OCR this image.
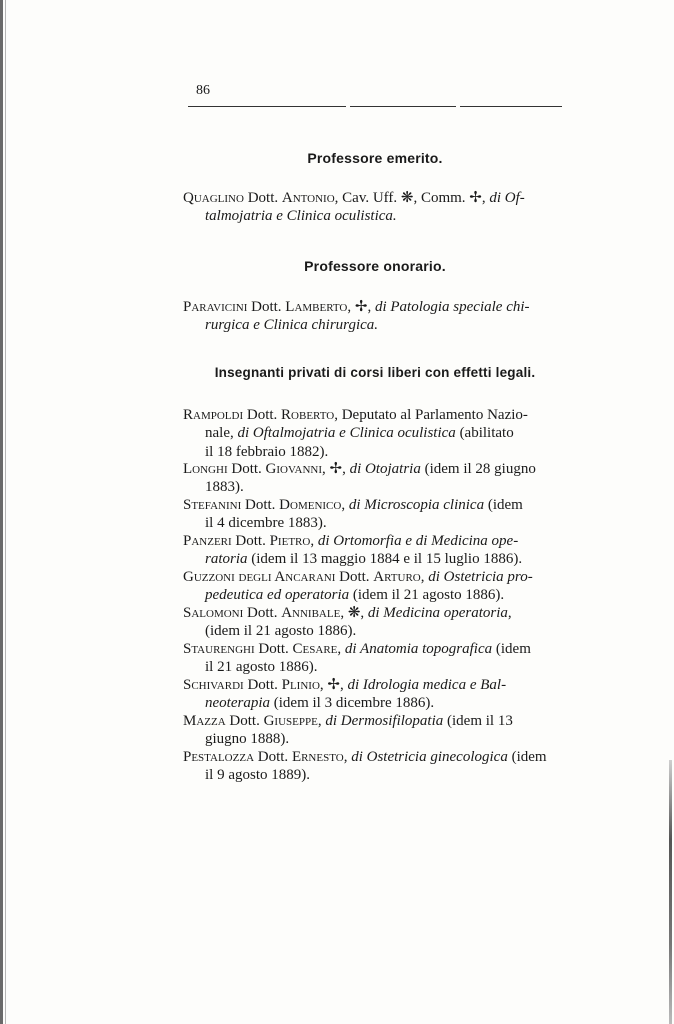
86
Professore emerito.
Quaglino Dott. Antonio, Cav. Uff. ❋, Comm. ✢, di Of-
talmojatria e Clinica oculistica.
Professore onorario.
Paravicini Dott. Lamberto, ✢, di Patologia speciale chi-
rurgica e Clinica chirurgica.
Insegnanti privati di corsi liberi con effetti legali.
Rampoldi Dott. Roberto, Deputato al Parlamento Nazio-
nale, di Oftalmojatria e Clinica oculistica (abilitato
il 18 febbraio 1882).
Longhi Dott. Giovanni, ✢, di Otojatria (idem il 28 giugno
1883).
Stefanini Dott. Domenico, di Microscopia clinica (idem
il 4 dicembre 1883).
Panzeri Dott. Pietro, di Ortomorfia e di Medicina ope-
ratoria (idem il 13 maggio 1884 e il 15 luglio 1886).
Guzzoni degli Ancarani Dott. Arturo, di Ostetricia pro-
pedeutica ed operatoria (idem il 21 agosto 1886).
Salomoni Dott. Annibale, ❋, di Medicina operatoria,
(idem il 21 agosto 1886).
Staurenghi Dott. Cesare, di Anatomia topografica (idem
il 21 agosto 1886).
Schivardi Dott. Plinio, ✢, di Idrologia medica e Bal-
neoterapia (idem il 3 dicembre 1886).
Mazza Dott. Giuseppe, di Dermosifilopatia (idem il 13
giugno 1888).
Pestalozza Dott. Ernesto, di Ostetricia ginecologica (idem
il 9 agosto 1889).
